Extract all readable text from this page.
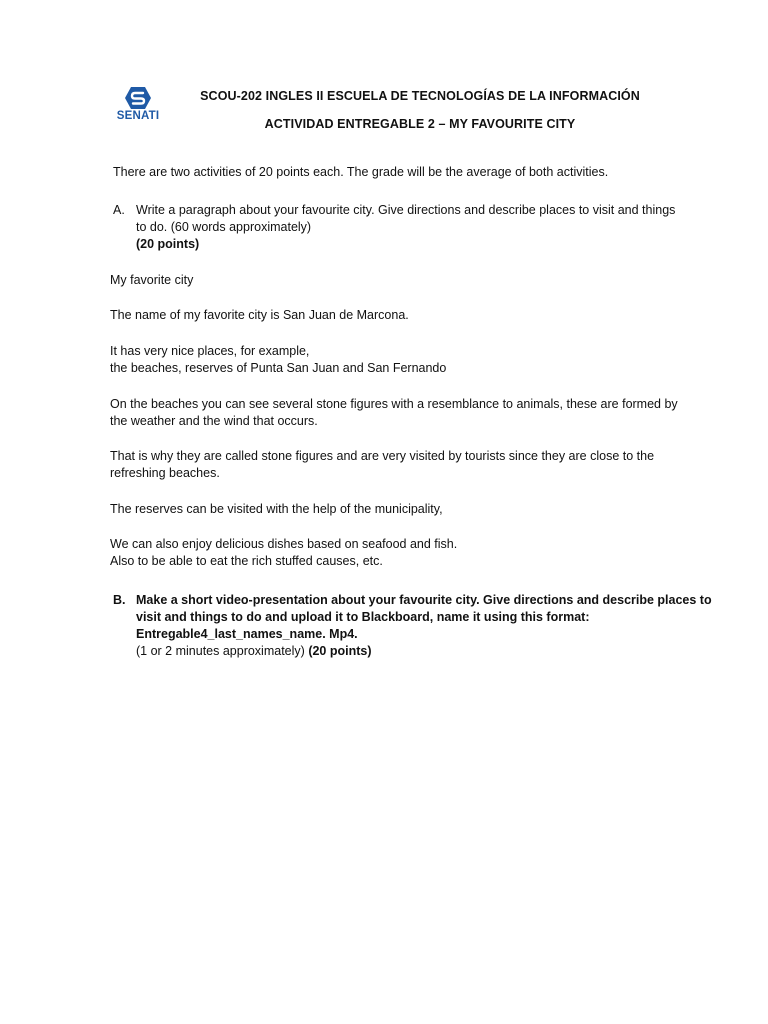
SENATI
SCOU-202 INGLES II ESCUELA DE TECNOLOGÍAS DE LA INFORMACIÓN
ACTIVIDAD ENTREGABLE 2 – MY FAVOURITE CITY
There are two activities of 20 points each. The grade will be the average of both activities.
A. Write a paragraph about your favourite city. Give directions and describe places to visit and things
to do. (60 words approximately)
(20 points)
My favorite city
The name of my favorite city is San Juan de Marcona.
It has very nice places, for example,
the beaches, reserves of Punta San Juan and San Fernando
On the beaches you can see several stone figures with a resemblance to animals, these are formed by
the weather and the wind that occurs.
That is why they are called stone figures and are very visited by tourists since they are close to the
refreshing beaches.
The reserves can be visited with the help of the municipality,
We can also enjoy delicious dishes based on seafood and fish.
Also to be able to eat the rich stuffed causes, etc.
B. Make a short video-presentation about your favourite city. Give directions and describe places to
visit and things to do and upload it to Blackboard, name it using this format:
Entregable4_last_names_name. Mp4.
(1 or 2 minutes approximately) (20 points)
